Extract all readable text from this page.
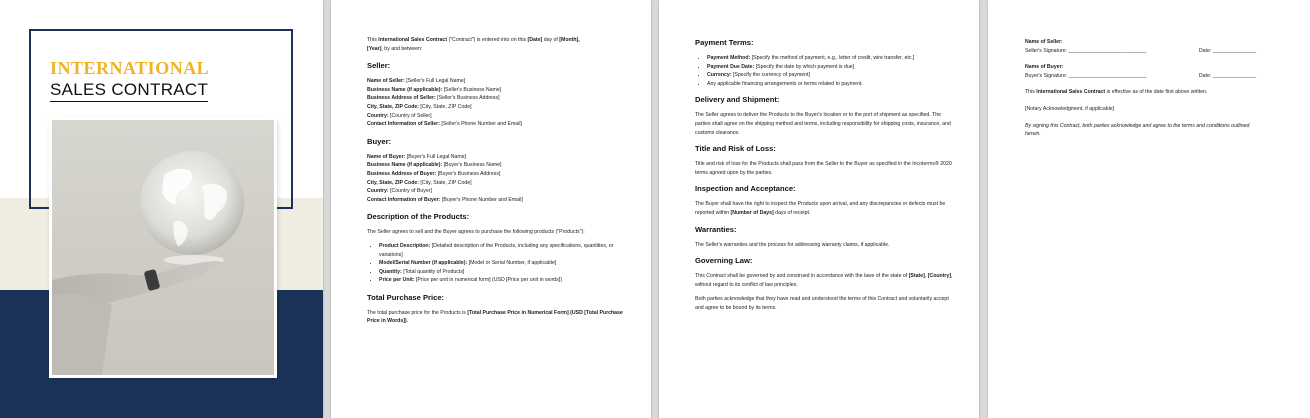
INTERNATIONAL
SALES CONTRACT
This International Sales Contract ("Contract") is entered into on this [Date] day of [Month],
[Year], by and between:
Seller:
Name of Seller: [Seller's Full Legal Name]
Business Name (if applicable): [Seller's Business Name]
Business Address of Seller: [Seller's Business Address]
City, State, ZIP Code: [City, State, ZIP Code]
Country: [Country of Seller]
Contact Information of Seller: [Seller's Phone Number and Email]
Buyer:
Name of Buyer: [Buyer's Full Legal Name]
Business Name (if applicable): [Buyer's Business Name]
Business Address of Buyer: [Buyer's Business Address]
City, State, ZIP Code: [City, State, ZIP Code]
Country: [Country of Buyer]
Contact Information of Buyer: [Buyer's Phone Number and Email]
Description of the Products:
The Seller agrees to sell and the Buyer agrees to purchase the following products ("Products"):
• Product Description: [Detailed description of the Products, including any specifications, quantities, or variations]
• Model/Serial Number (if applicable): [Model or Serial Number, if applicable]
• Quantity: [Total quantity of Products]
• Price per Unit: [Price per unit in numerical form] (USD [Price per unit in words])
Total Purchase Price:
The total purchase price for the Products is [Total Purchase Price in Numerical Form] (USD [Total Purchase Price in Words]).
Payment Terms:
• Payment Method: [Specify the method of payment, e.g., letter of credit, wire transfer, etc.]
• Payment Due Date: [Specify the date by which payment is due]
• Currency: [Specify the currency of payment]
• Any applicable financing arrangements or terms related to payment.
Delivery and Shipment:
The Seller agrees to deliver the Products to the Buyer's location or to the port of shipment as specified. The parties shall agree on the shipping method and terms, including responsibility for shipping costs, insurance, and customs clearance.
Title and Risk of Loss:
Title and risk of loss for the Products shall pass from the Seller to the Buyer as specified in the Incoterms® 2020 terms agreed upon by the parties.
Inspection and Acceptance:
The Buyer shall have the right to inspect the Products upon arrival, and any discrepancies or defects must be reported within [Number of Days] days of receipt.
Warranties:
The Seller's warranties and the process for addressing warranty claims, if applicable.
Governing Law:
This Contract shall be governed by and construed in accordance with the laws of the state of [State], [Country], without regard to its conflict of law principles.
Both parties acknowledge that they have read and understood the terms of this Contract and voluntarily accept and agree to be bound by its terms.
Name of Seller:
Seller's Signature: ___________________________	Date: _______________
Name of Buyer:
Buyer's Signature: ___________________________	Date: _______________
This International Sales Contract is effective as of the date first above written.
[Notary Acknowledgment, if applicable]
By signing this Contract, both parties acknowledge and agree to the terms and conditions outlined herein.
